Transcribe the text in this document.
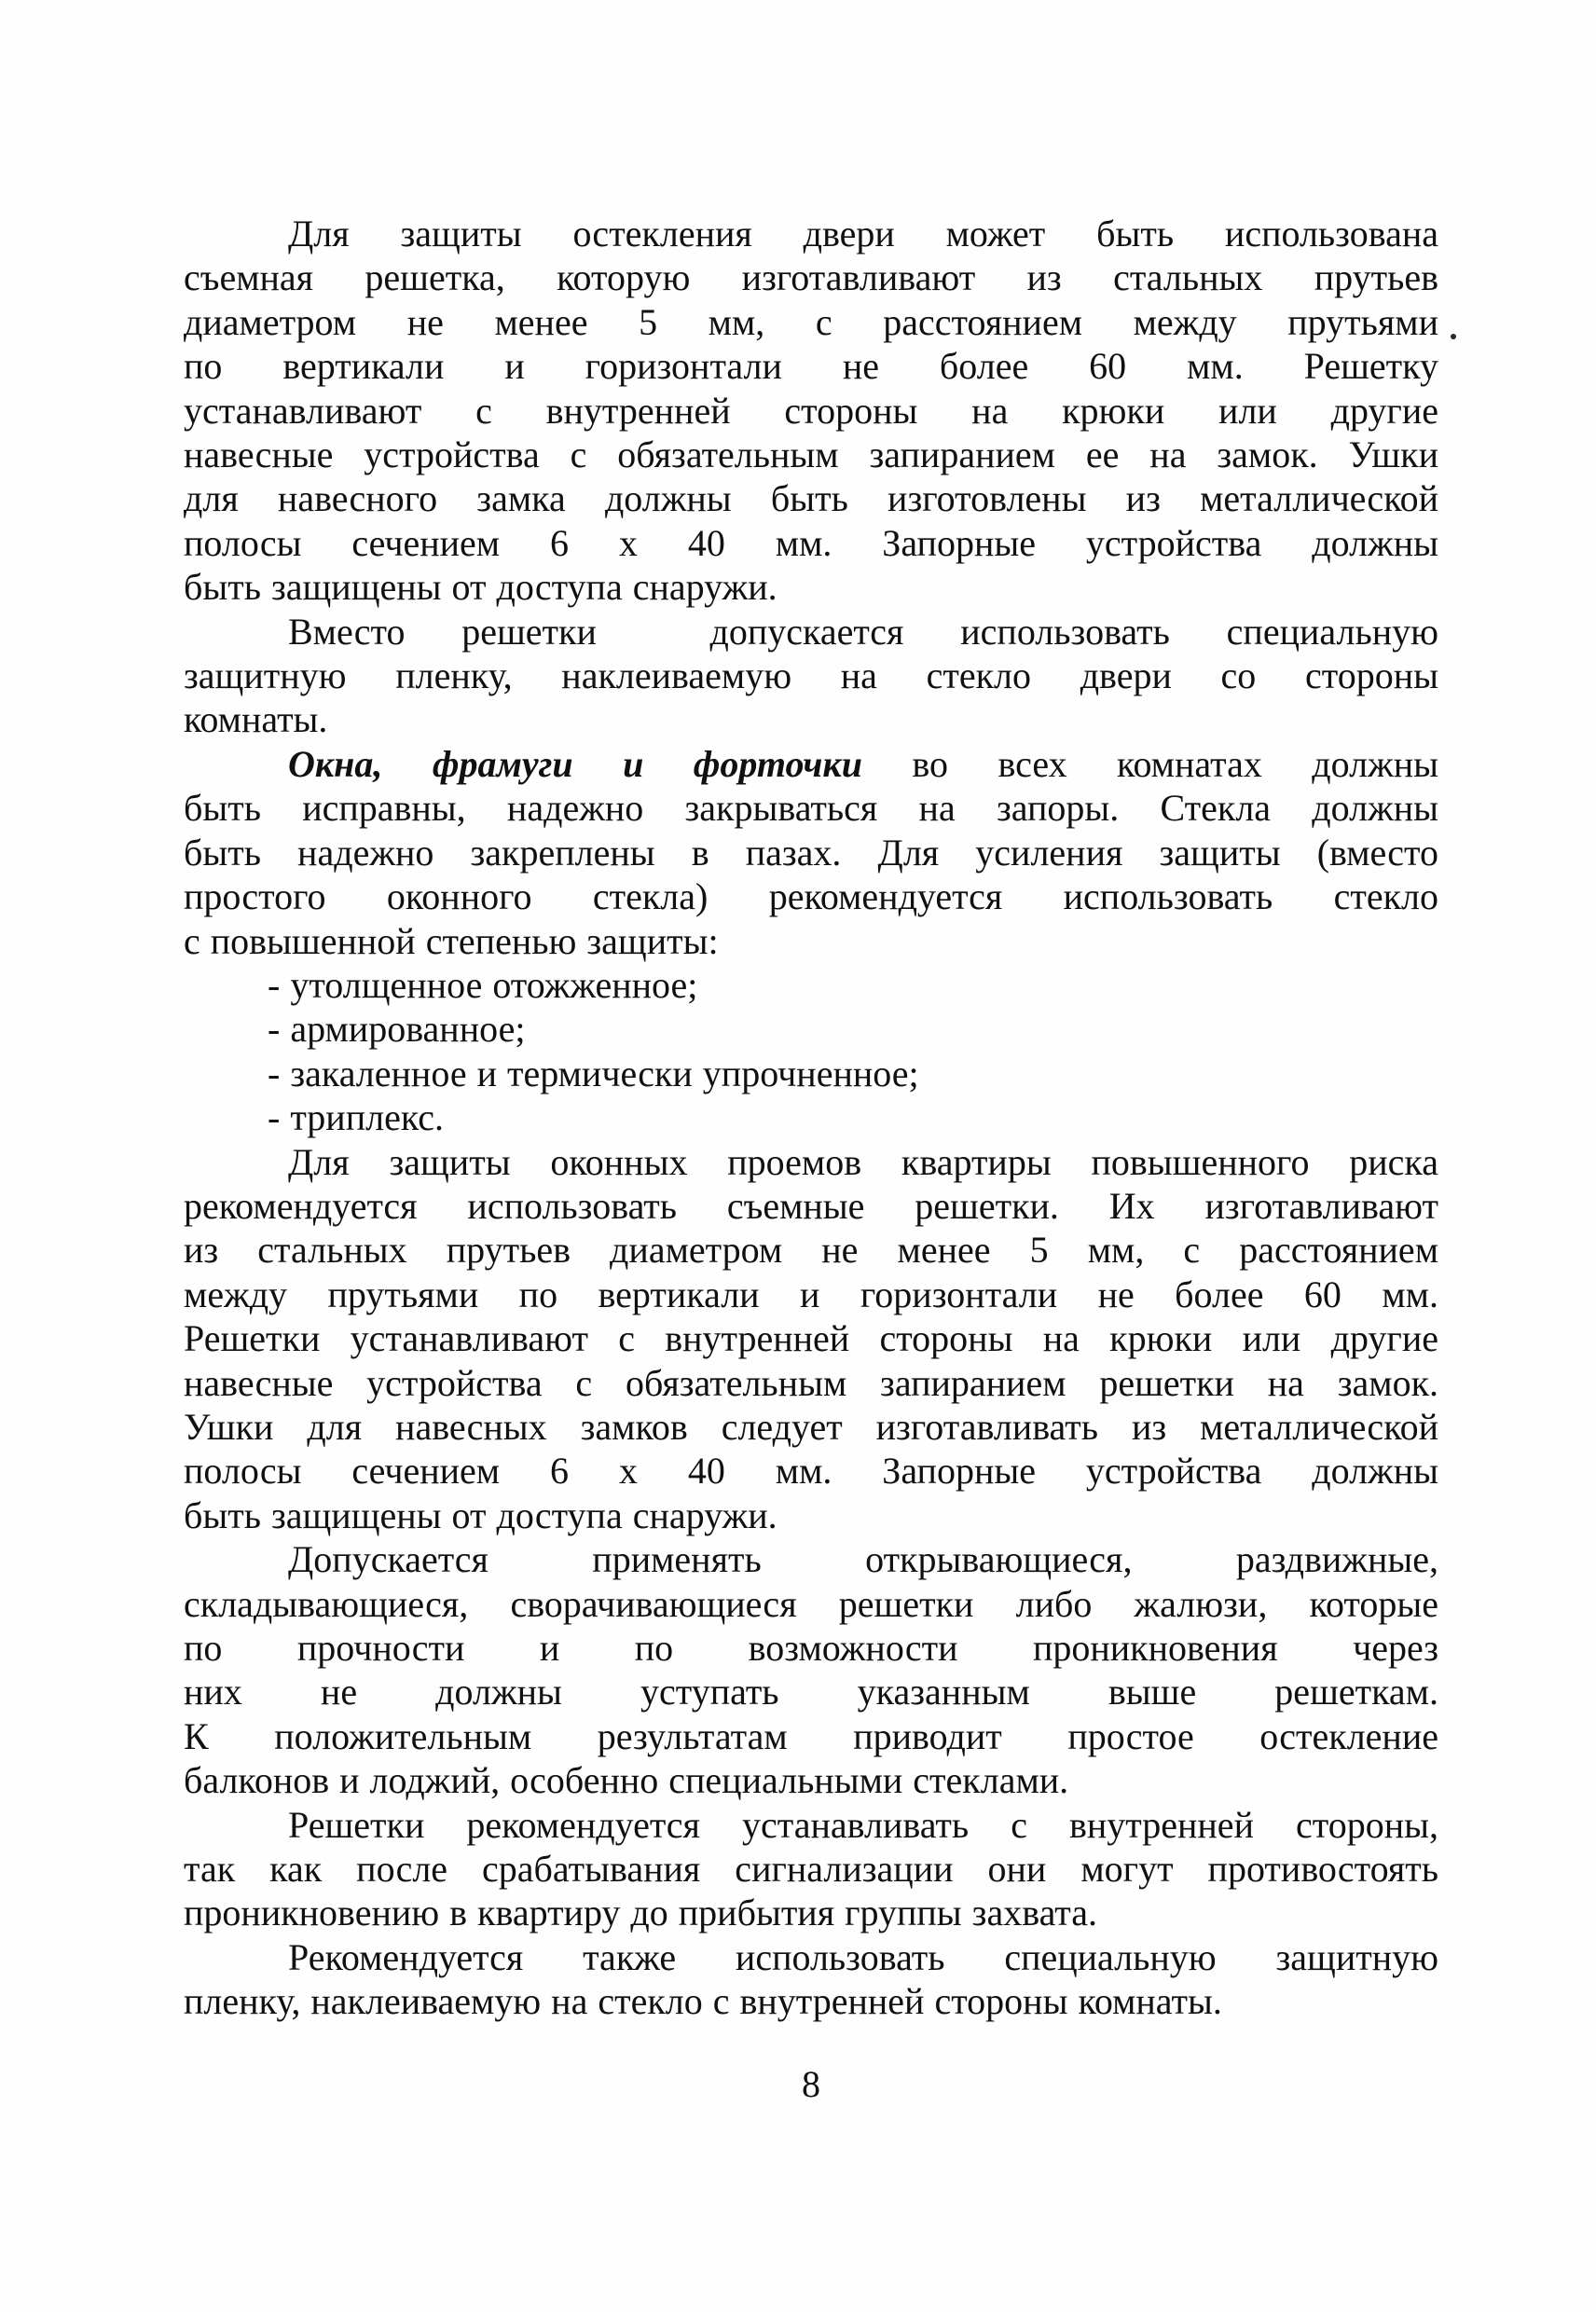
Для защиты остекления двери может быть использована
съемная решетка, которую изготавливают из стальных прутьев
диаметром не менее 5 мм, с расстоянием между прутьями
по вертикали и горизонтали не более 60 мм. Решетку
устанавливают с внутренней стороны на крюки или другие
навесные устройства с обязательным запиранием ее на замок. Ушки
для навесного замка должны быть изготовлены из металлической
полосы сечением 6 х 40 мм. Запорные устройства должны
быть защищены от доступа снаружи.
Вместо решетки  допускается использовать специальную
защитную пленку, наклеиваемую на стекло двери со стороны
комнаты.
Окна, фрамуги и форточки во всех комнатах должны
быть исправны, надежно закрываться на запоры. Стекла должны
быть надежно закреплены в пазах. Для усиления защиты (вместо
простого оконного стекла) рекомендуется использовать стекло
с повышенной степенью защиты:
- утолщенное отожженное;
- армированное;
- закаленное и термически упрочненное;
- триплекс.
Для защиты оконных проемов квартиры повышенного риска
рекомендуется использовать съемные решетки. Их изготавливают
из стальных прутьев диаметром не менее 5 мм, с расстоянием
между прутьями по вертикали и горизонтали не более 60 мм.
Решетки устанавливают с внутренней стороны на крюки или другие
навесные устройства с обязательным запиранием решетки на замок.
Ушки для навесных замков следует изготавливать из металлической
полосы сечением 6 х 40 мм. Запорные устройства должны
быть защищены от доступа снаружи.
Допускается применять открывающиеся, раздвижные,
складывающиеся, сворачивающиеся решетки либо жалюзи, которые
по прочности и по возможности проникновения через
них не должны уступать указанным выше решеткам.
К положительным результатам приводит простое остекление
балконов и лоджий, особенно специальными стеклами.
Решетки рекомендуется устанавливать с внутренней стороны,
так как после срабатывания сигнализации они могут противостоять
проникновению в квартиру до прибытия группы захвата.
Рекомендуется также использовать специальную защитную
пленку, наклеиваемую на стекло с внутренней стороны комнаты.
8
